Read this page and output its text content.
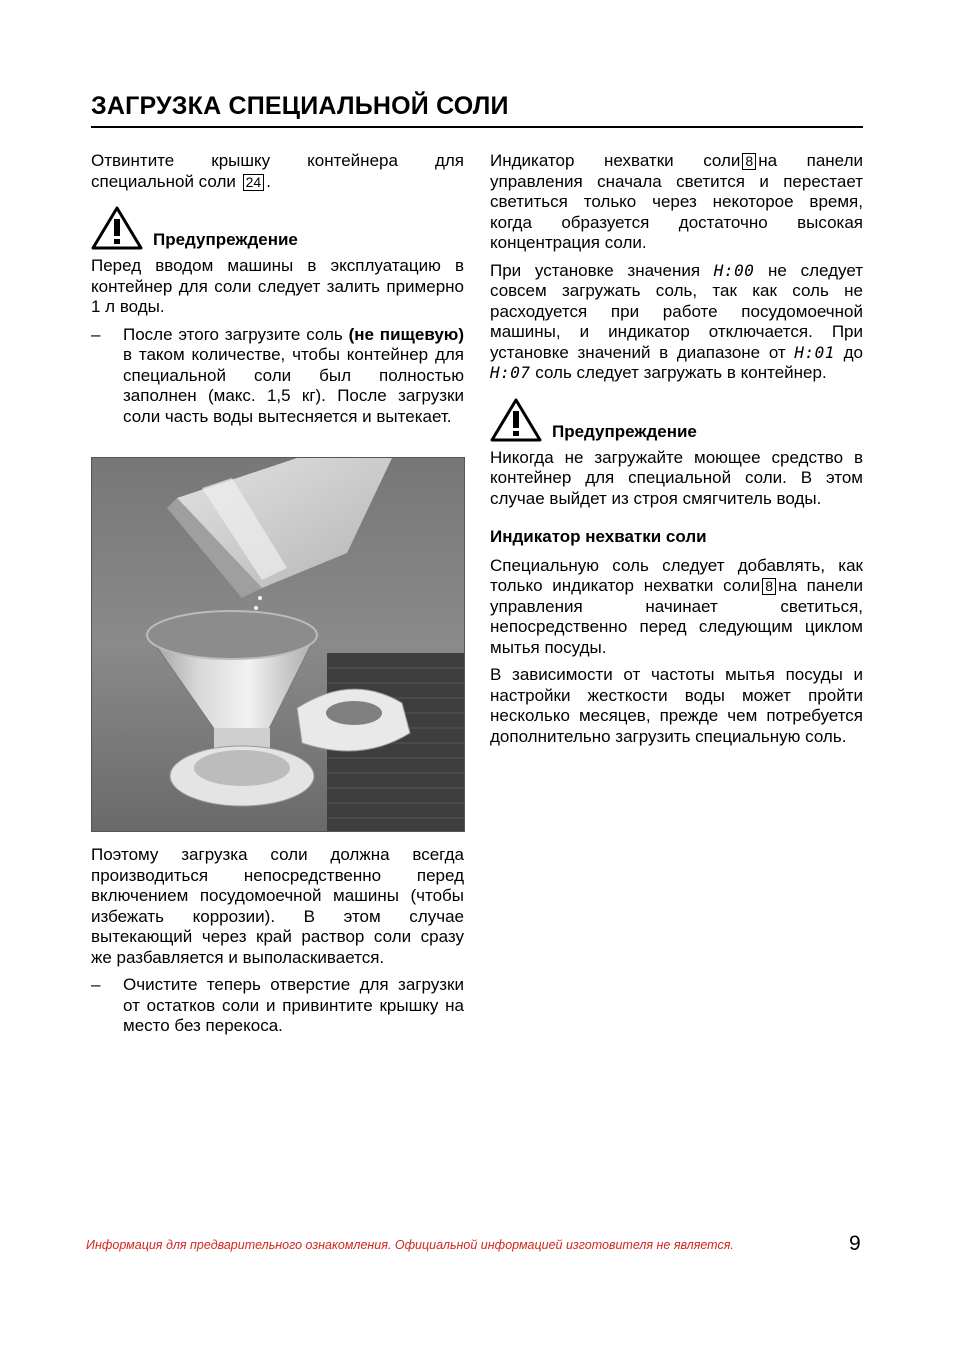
ЗАГРУЗКА СПЕЦИАЛЬНОЙ СОЛИ

Отвинтите крышку контейнера для специальной соли 24 .

Предупреждение

Перед вводом машины в эксплуатацию в контейнер для соли следует залить примерно 1 л воды.

–	После этого загрузите соль (не пищевую) в таком количестве, чтобы контейнер для специальной соли был полностью заполнен (макс. 1,5 кг). После загрузки соли часть воды вытесняется и вытекает.

Поэтому загрузка соли должна всегда производиться непосредственно перед включением посудомоечной машины (чтобы избежать коррозии). В этом случае вытекающий через край раствор соли сразу же разбавляется и выполаскивается.

–	Очистите теперь отверстие для загрузки от остатков соли и привинтите крышку на место без перекоса.

Индикатор нехватки соли 8 на панели управления сначала светится и перестает светиться только через некоторое время, когда образуется достаточно высокая концентрация соли.

При установке значения H:00 не следует совсем загружать соль, так как соль не расходуется при работе посудомоечной машины, и индикатор отключается. При установке значений в диапазоне от H:01 до H:07 соль следует загружать в контейнер.

Предупреждение

Никогда не загружайте моющее средство в контейнер для специальной соли. В этом случае выйдет из строя смягчитель воды.

Индикатор нехватки соли

Специальную соль следует добавлять, как только индикатор нехватки соли 8 на панели управления начинает светиться, непосредственно перед следующим циклом мытья посуды.

В зависимости от частоты мытья посуды и настройки жесткости воды может пройти несколько месяцев, прежде чем потребуется дополнительно загрузить специальную соль.

Информация для предварительного ознакомления. Официальной информацией изготовителя не является.	9
